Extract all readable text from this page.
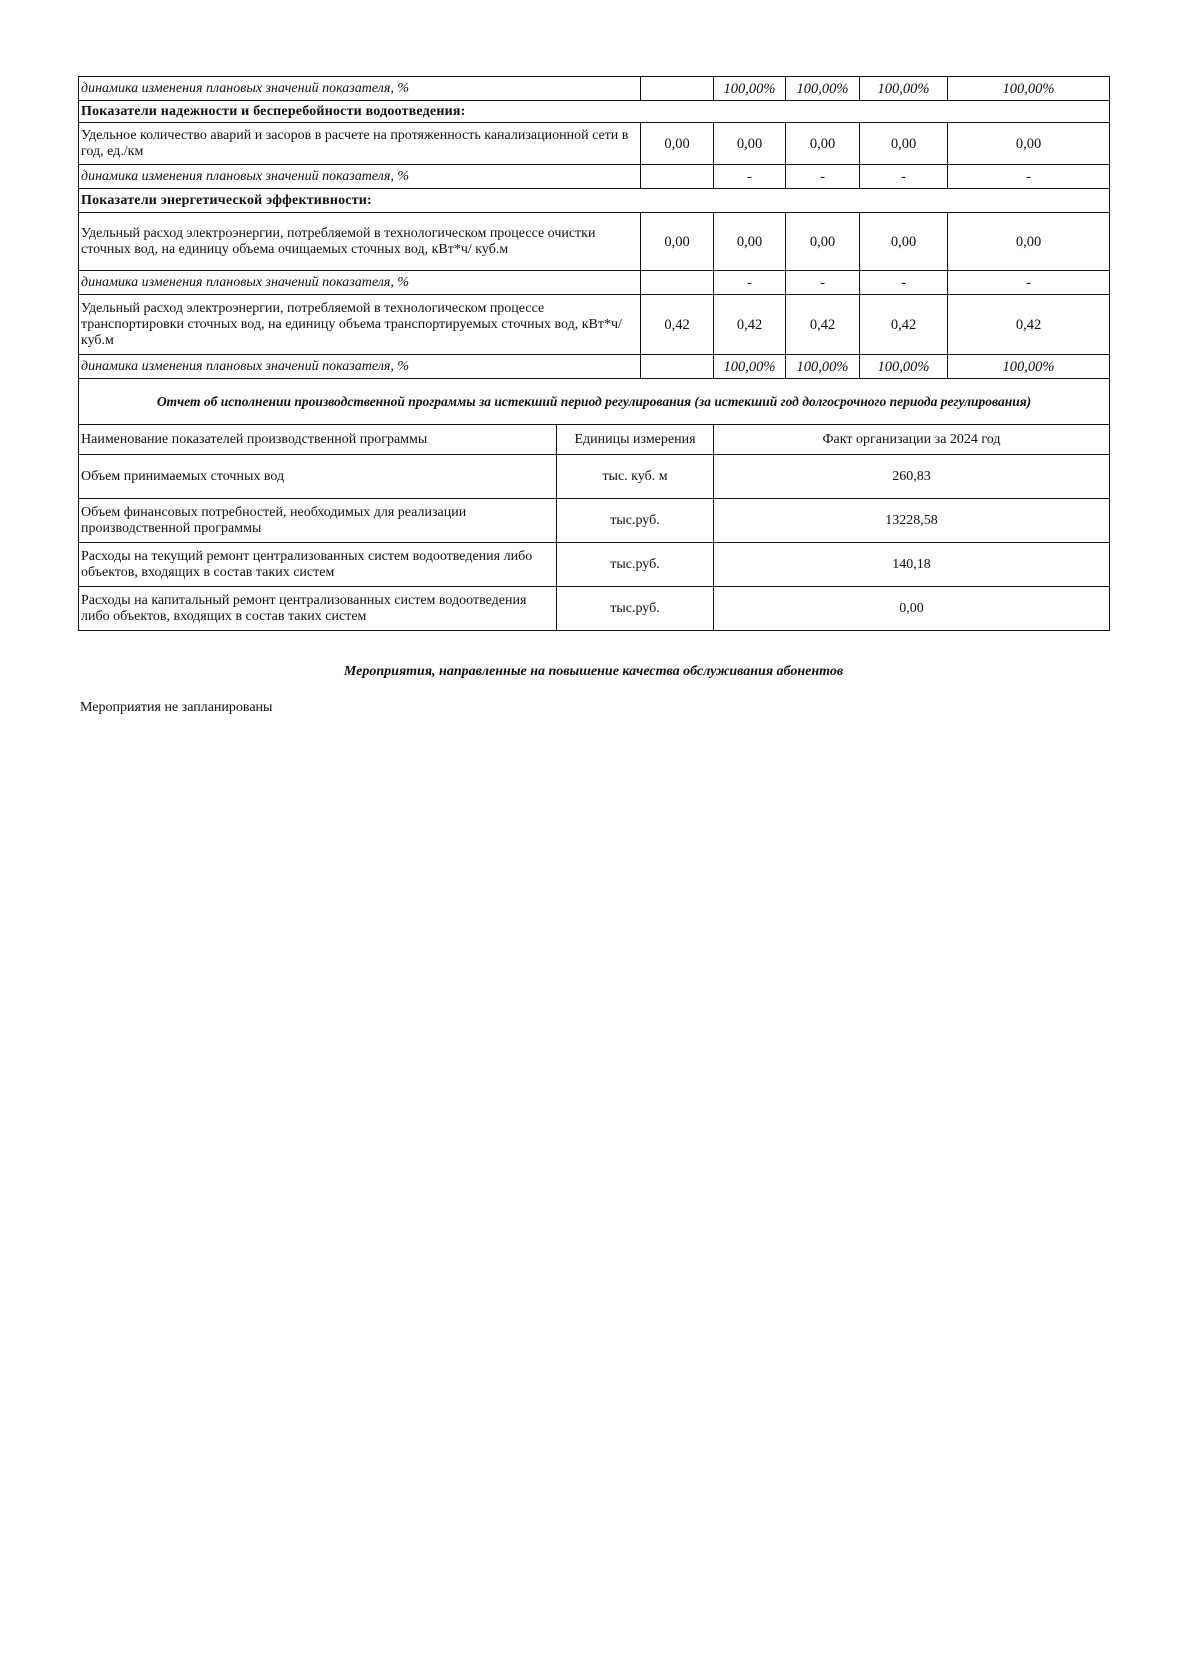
динамика изменения плановых значений показателя, %			100,00%	100,00%	100,00%	100,00%
Показатели надежности и бесперебойности водоотведения:						
Удельное количество аварий и засоров в расчете на протяженность канализационной сети в год, ед./км		0,00	0,00	0,00	0,00	0,00
динамика изменения плановых значений показателя, %			-	-	-	-
Показатели энергетической эффективности:						
Удельный расход электроэнергии, потребляемой в технологическом процессе очистки сточных вод, на единицу объема очищаемых сточных вод, кВт*ч/ куб.м		0,00	0,00	0,00	0,00	0,00
динамика изменения плановых значений показателя, %			-	-	-	-
Удельный расход электроэнергии, потребляемой в технологическом процессе транспортировки сточных вод, на единицу объема транспортируемых сточных вод, кВт*ч/ куб.м		0,42	0,42	0,42	0,42	0,42
динамика изменения плановых значений показателя, %			100,00%	100,00%	100,00%	100,00%
Отчет об исполнении производственной программы за истекший период регулирования (за истекший год долгосрочного периода регулирования)						
Наименование показателей производственной программы	Единицы измерения		Факт организации за 2024 год			
Объем принимаемых сточных вод	тыс. куб. м		260,83			
Объем финансовых потребностей, необходимых для реализации производственной программы	тыс.руб.		13228,58			
Расходы на текущий ремонт централизованных систем водоотведения либо объектов, входящих в состав таких систем	тыс.руб.		140,18			
Расходы на капитальный ремонт централизованных систем водоотведения либо объектов, входящих в состав таких систем	тыс.руб.		0,00			
Мероприятия, направленные на повышение качества обслуживания абонентов
Мероприятия не запланированы
